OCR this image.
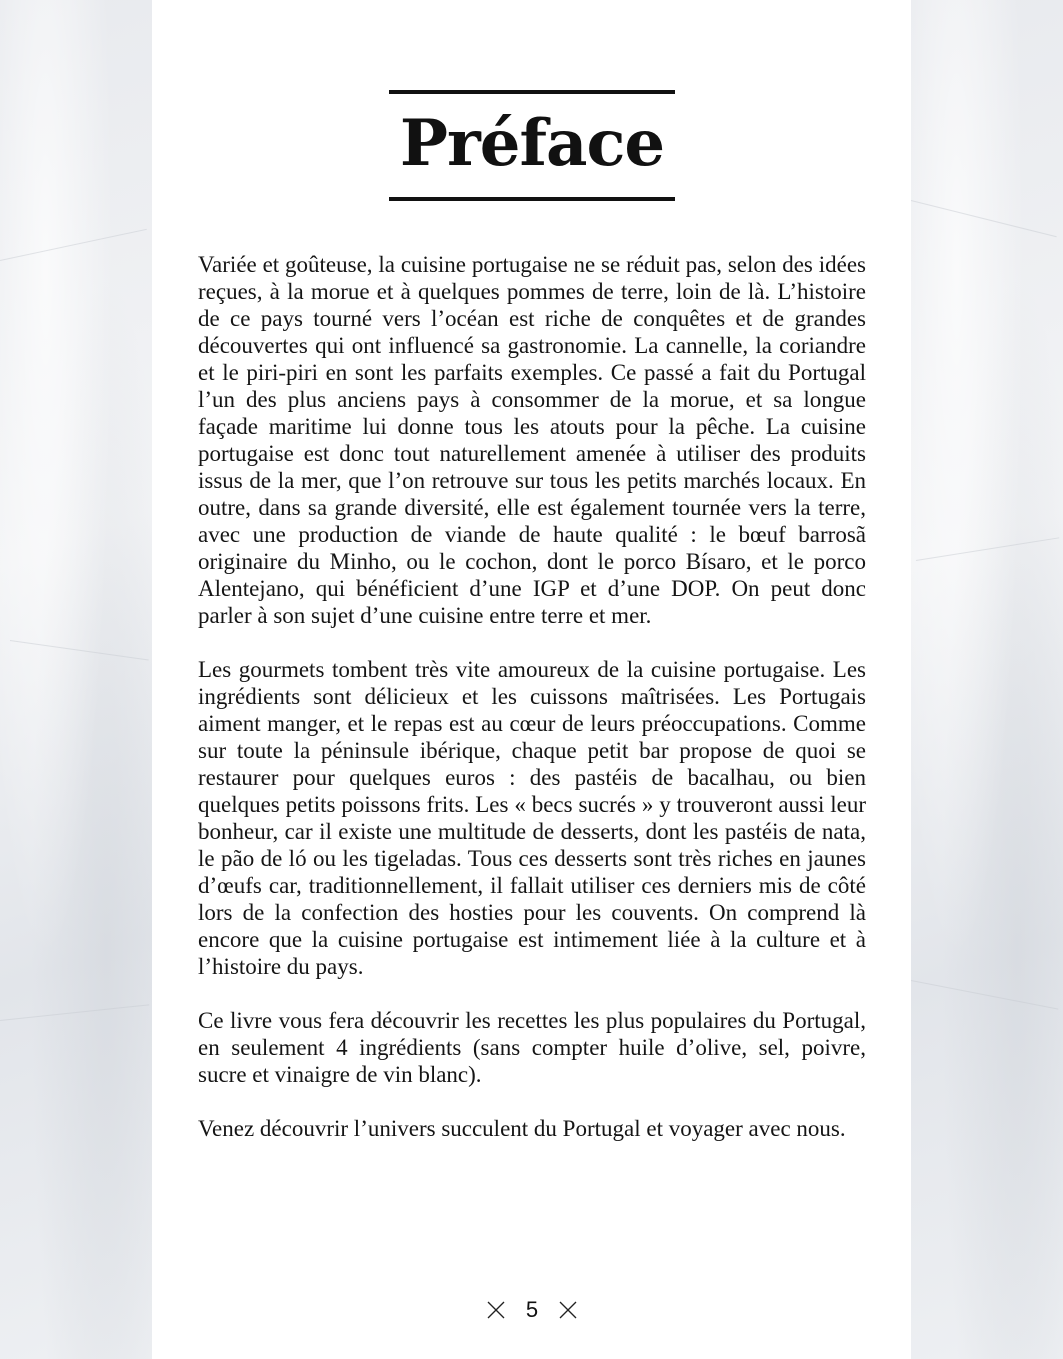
Préface

Variée et goûteuse, la cuisine portugaise ne se réduit pas, selon des idées reçues, à la morue et à quelques pommes de terre, loin de là. L’histoire de ce pays tourné vers l’océan est riche de conquêtes et de grandes découvertes qui ont influencé sa gastronomie. La cannelle, la coriandre et le piri-piri en sont les parfaits exemples. Ce passé a fait du Portugal l’un des plus anciens pays à consommer de la morue, et sa longue façade maritime lui donne tous les atouts pour la pêche. La cuisine portugaise est donc tout naturellement amenée à utiliser des produits issus de la mer, que l’on retrouve sur tous les petits marchés locaux. En outre, dans sa grande diversité, elle est également tournée vers la terre, avec une production de viande de haute qualité : le bœuf barrosã originaire du Minho, ou le cochon, dont le porco Bísaro, et le porco Alentejano, qui bénéficient d’une IGP et d’une DOP. On peut donc parler à son sujet d’une cuisine entre terre et mer.

Les gourmets tombent très vite amoureux de la cuisine portugaise. Les ingrédients sont délicieux et les cuissons maîtrisées. Les Portugais aiment manger, et le repas est au cœur de leurs préoccupations. Comme sur toute la péninsule ibérique, chaque petit bar propose de quoi se restaurer pour quelques euros : des pastéis de bacalhau, ou bien quelques petits poissons frits. Les « becs sucrés » y trouveront aussi leur bonheur, car il existe une multitude de desserts, dont les pastéis de nata, le pão de ló ou les tigeladas. Tous ces desserts sont très riches en jaunes d’œufs car, traditionnellement, il fallait utiliser ces derniers mis de côté lors de la confection des hosties pour les couvents. On comprend là encore que la cuisine portugaise est intimement liée à la culture et à l’histoire du pays.

Ce livre vous fera découvrir les recettes les plus populaires du Portugal, en seulement 4 ingrédients (sans compter huile d’olive, sel, poivre, sucre et vinaigre de vin blanc).

Venez découvrir l’univers succulent du Portugal et voyager avec nous.

5
